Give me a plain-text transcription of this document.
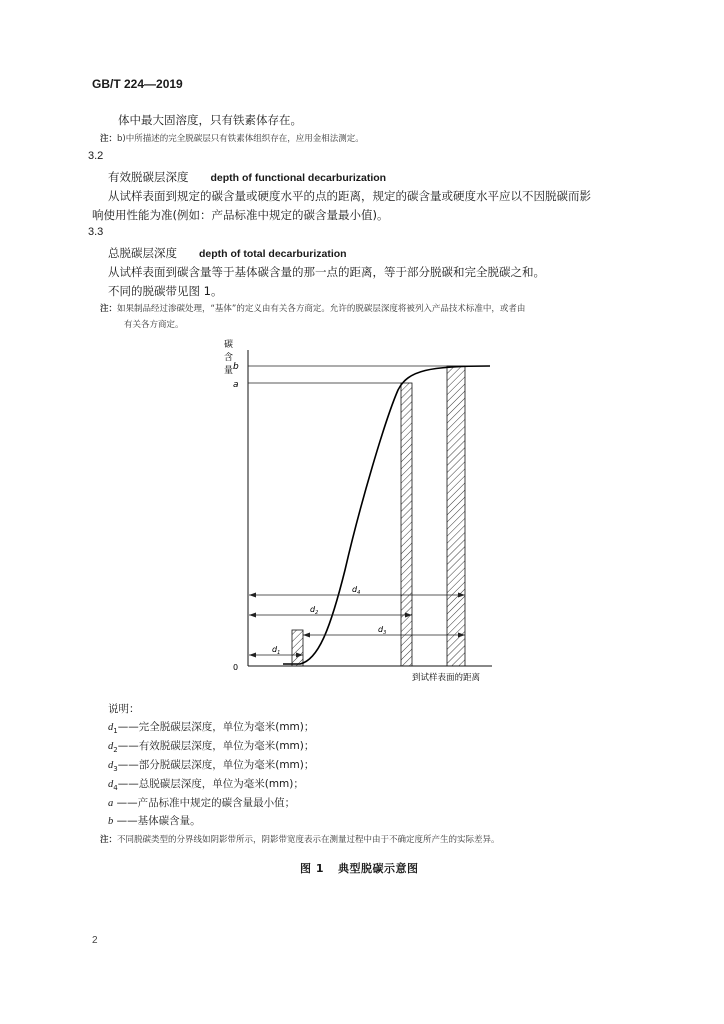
GB/T 224—2019
体中最大固溶度，只有铁素体存在。
注：b)中所描述的完全脱碳层只有铁素体组织存在，应用金相法测定。
3.2
有效脱碳层深度 depth of functional decarburization
从试样表面到规定的碳含量或硬度水平的点的距离，规定的碳含量或硬度水平应以不因脱碳而影
响使用性能为准(例如：产品标准中规定的碳含量最小值)。
3.3
总脱碳层深度 depth of total decarburization
从试样表面到碳含量等于基体碳含量的那一点的距离，等于部分脱碳和完全脱碳之和。
不同的脱碳带见图 1。
注：如果制品经过渗碳处理，“基体”的定义由有关各方商定。允许的脱碳层深度将被列入产品技术标准中，或者由
有关各方商定。
碳
含
量 b
a
0
$d_4$
$d_2$
$d_3$
$d_1$
到试样表面的距离
说明：
$d_1——$完全脱碳层深度，单位为毫米(mm)；
$d_2——$有效脱碳层深度，单位为毫米(mm)；
$d_3——$部分脱碳层深度，单位为毫米(mm)；
$d_4——$总脱碳层深度，单位为毫米(mm)；
a ——产品标准中规定的碳含量最小值；
b ——基体碳含量。
注：不同脱碳类型的分界线如阴影带所示，阴影带宽度表示在测量过程中由于不确定度所产生的实际差异。
图 1 典型脱碳示意图
2
